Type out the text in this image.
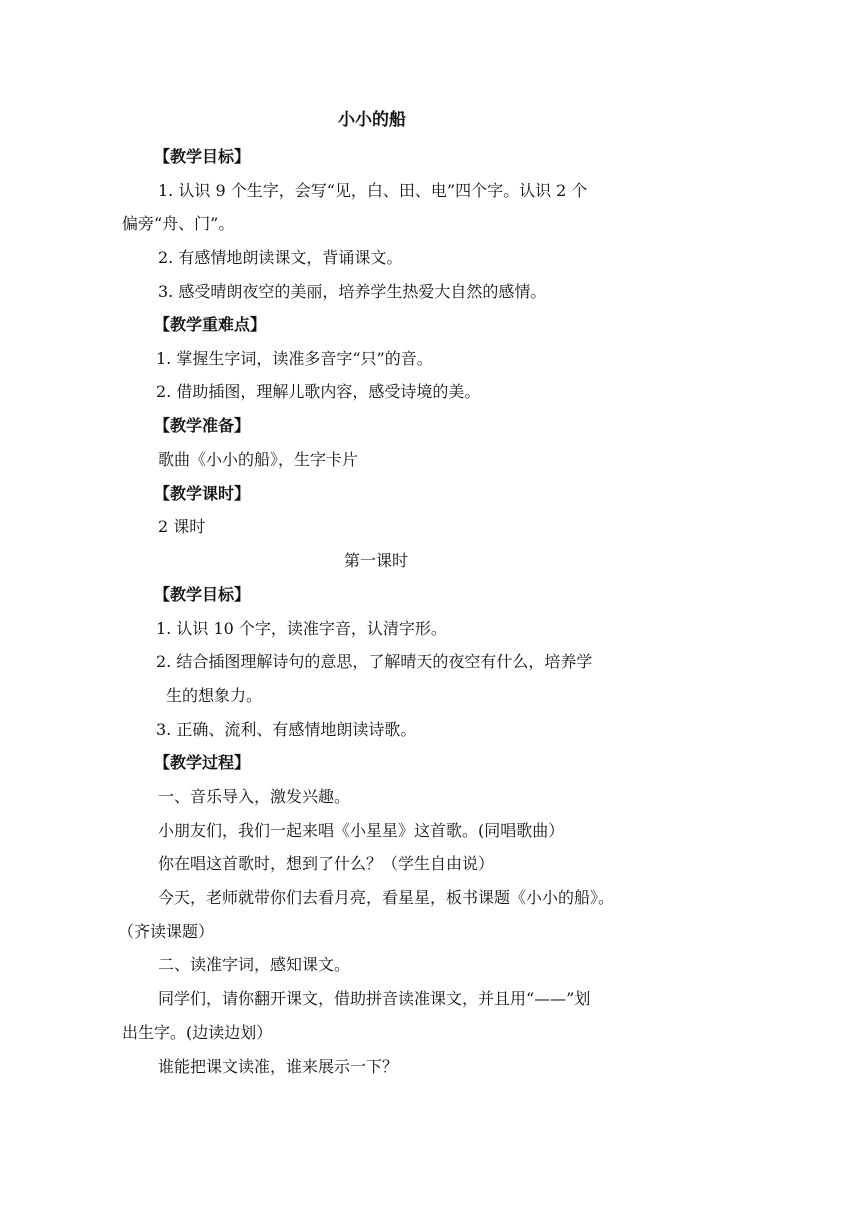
小小的船
【教学目标】
1. 认识 9 个生字，会写“见，白、田、电”四个字。认识 2 个
偏旁“舟、门”。
2. 有感情地朗读课文，背诵课文。
3. 感受晴朗夜空的美丽，培养学生热爱大自然的感情。
【教学重难点】
1. 掌握生字词，读准多音字“只”的音。
2. 借助插图，理解儿歌内容，感受诗境的美。
【教学准备】
歌曲《小小的船》，生字卡片
【教学课时】
2 课时
第一课时
【教学目标】
1. 认识 10 个字，读准字音，认清字形。
2. 结合插图理解诗句的意思，了解晴天的夜空有什么，培养学
生的想象力。
3. 正确、流利、有感情地朗读诗歌。
【教学过程】
一、音乐导入，激发兴趣。
小朋友们，我们一起来唱《小星星》这首歌。(同唱歌曲）
你在唱这首歌时，想到了什么？（学生自由说）
今天，老师就带你们去看月亮，看星星，板书课题《小小的船》。
（齐读课题）
二、读准字词，感知课文。
同学们，请你翻开课文，借助拼音读准课文，并且用“——”划
出生字。(边读边划）
谁能把课文读准，谁来展示一下？
